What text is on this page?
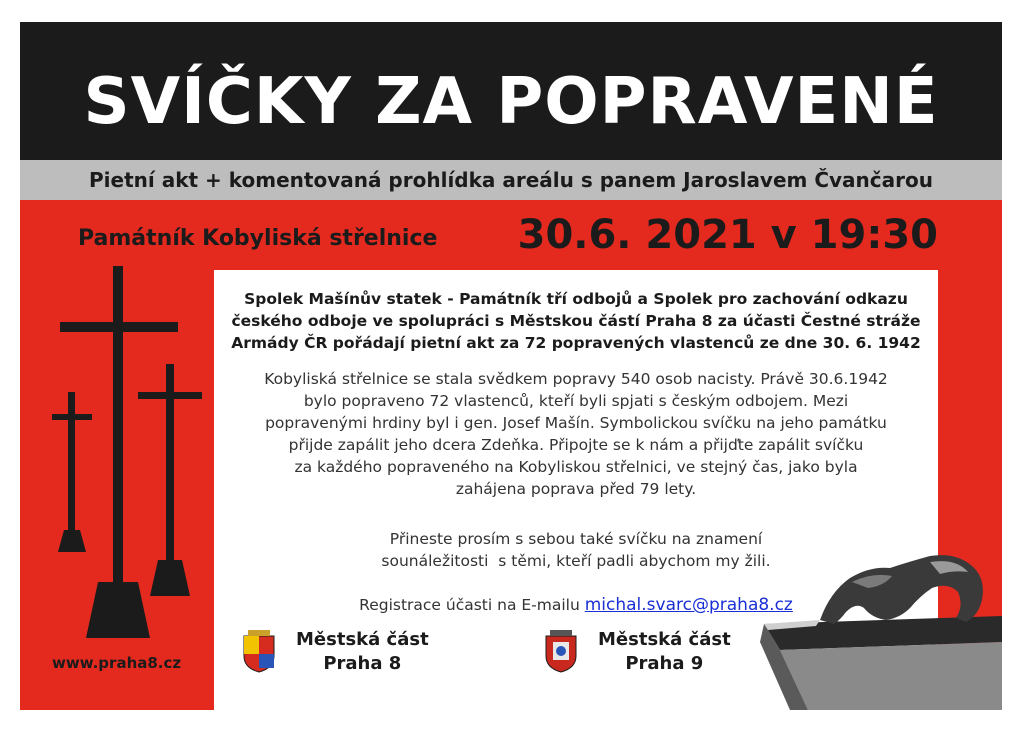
SVÍČKY ZA POPRAVENÉ
Pietní akt + komentovaná prohlídka areálu s panem Jaroslavem Čvančarou
Památník Kobyliská střelnice 30.6. 2021 v 19:30
Spolek Mašínův statek - Památník tří odbojů a Spolek pro zachování odkazu
českého odboje ve spolupráci s Městskou částí Praha 8 za účasti Čestné stráže
Armády ČR pořádají pietní akt za 72 popravených vlastenců ze dne 30. 6. 1942
Kobyliská střelnice se stala svědkem popravy 540 osob nacisty. Právě 30.6.1942
bylo popraveno 72 vlastenců, kteří byli spjati s českým odbojem. Mezi
popravenými hrdiny byl i gen. Josef Mašín. Symbolickou svíčku na jeho památku
přijde zapálit jeho dcera Zdeňka. Připojte se k nám a přijďte zapálit svíčku
za každého popraveného na Kobyliskou střelnici, ve stejný čas, jako byla
zahájena poprava před 79 lety.
Přineste prosím s sebou také svíčku na znamení
sounáležitosti  s těmi, kteří padli abychom my žili.
Registrace účasti na E-mailu michal.svarc@praha8.cz
Městská část
Praha 8
Městská část
Praha 9
www.praha8.cz
